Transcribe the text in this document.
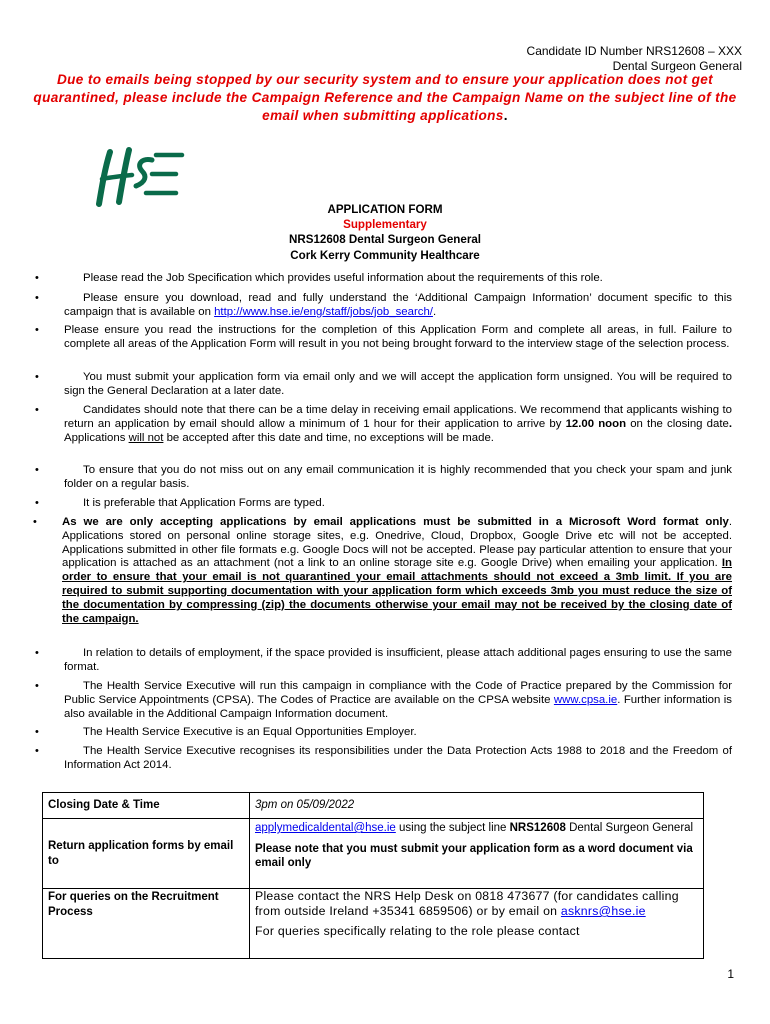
Candidate ID Number NRS12608 – XXX
Dental Surgeon General
Due to emails being stopped by our security system and to ensure your application does not get quarantined, please include the Campaign Reference and the Campaign Name on the subject line of the email when submitting applications.
APPLICATION FORM
Supplementary
NRS12608 Dental Surgeon General
Cork Kerry Community Healthcare
• Please read the Job Specification which provides useful information about the requirements of this role.
• Please ensure you download, read and fully understand the ‘Additional Campaign Information’ document specific to this campaign that is available on http://www.hse.ie/eng/staff/jobs/job_search/.
• Please ensure you read the instructions for the completion of this Application Form and complete all areas, in full. Failure to complete all areas of the Application Form will result in you not being brought forward to the interview stage of the selection process.
• You must submit your application form via email only and we will accept the application form unsigned. You will be required to sign the General Declaration at a later date.
• Candidates should note that there can be a time delay in receiving email applications. We recommend that applicants wishing to return an application by email should allow a minimum of 1 hour for their application to arrive by 12.00 noon on the closing date. Applications will not be accepted after this date and time, no exceptions will be made.
• To ensure that you do not miss out on any email communication it is highly recommended that you check your spam and junk folder on a regular basis.
• It is preferable that Application Forms are typed.
• As we are only accepting applications by email applications must be submitted in a Microsoft Word format only. Applications stored on personal online storage sites, e.g. Onedrive, Cloud, Dropbox, Google Drive etc will not be accepted. Applications submitted in other file formats e.g. Google Docs will not be accepted. Please pay particular attention to ensure that your application is attached as an attachment (not a link to an online storage site e.g. Google Drive) when emailing your application. In order to ensure that your email is not quarantined your email attachments should not exceed a 3mb limit. If you are required to submit supporting documentation with your application form which exceeds 3mb you must reduce the size of the documentation by compressing (zip) the documents otherwise your email may not be received by the closing date of the campaign.
• In relation to details of employment, if the space provided is insufficient, please attach additional pages ensuring to use the same format.
• The Health Service Executive will run this campaign in compliance with the Code of Practice prepared by the Commission for Public Service Appointments (CPSA). The Codes of Practice are available on the CPSA website www.cpsa.ie. Further information is also available in the Additional Campaign Information document.
• The Health Service Executive is an Equal Opportunities Employer.
• The Health Service Executive recognises its responsibilities under the Data Protection Acts 1988 to 2018 and the Freedom of Information Act 2014.
Closing Date & Time	3pm on 05/09/2022
Return application forms by email to	applymedicaldental@hse.ie using the subject line NRS12608 Dental Surgeon General
Please note that you must submit your application form as a word document via email only
For queries on the Recruitment Process	Please contact the NRS Help Desk on 0818 473677 (for candidates calling from outside Ireland +35341 6859506) or by email on asknrs@hse.ie
For queries specifically relating to the role please contact
1
